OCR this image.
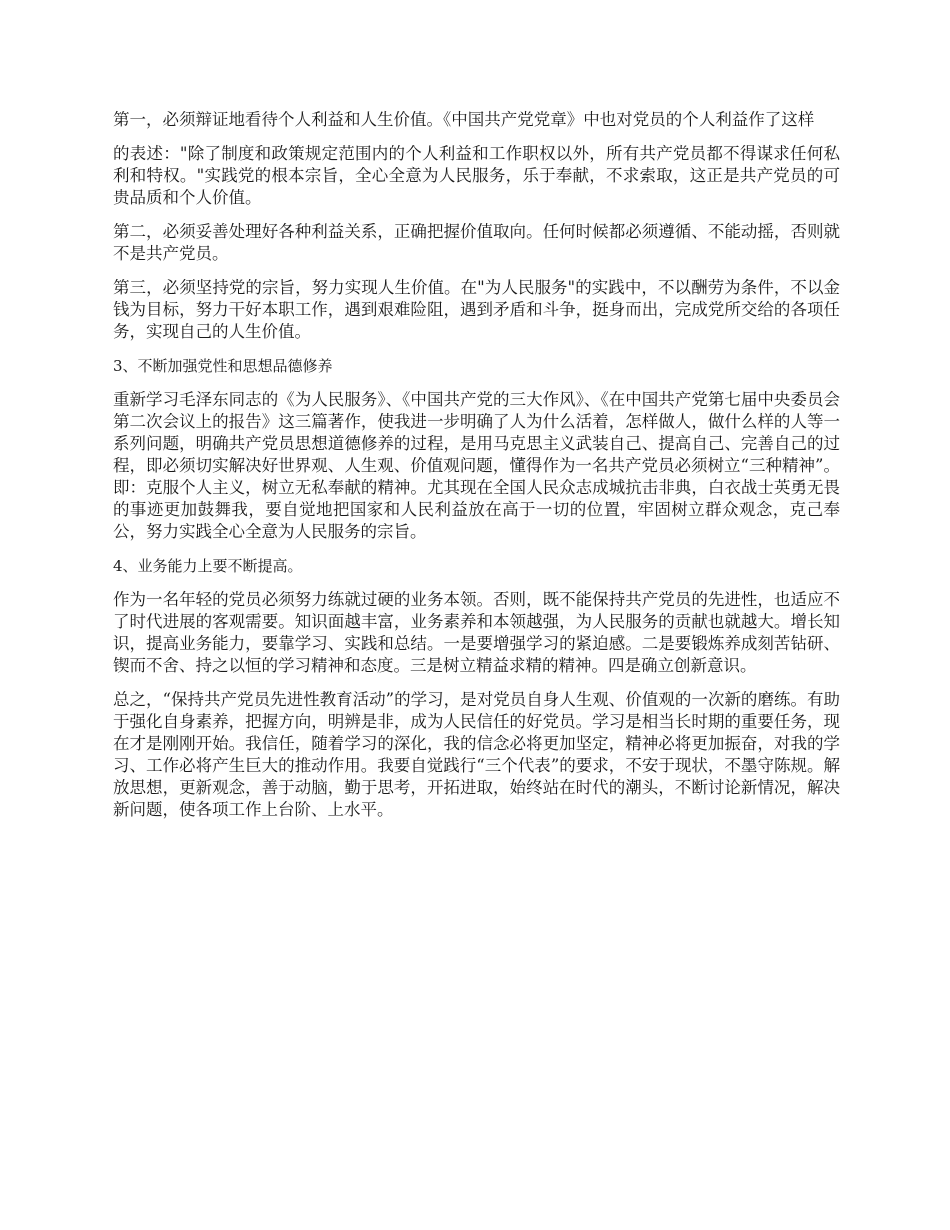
第一，必须辩证地看待个人利益和人生价值。《中国共产党党章》中也对党员的个人利益作了这样

的表述："除了制度和政策规定范围内的个人利益和工作职权以外，所有共产党员都不得谋求任何私利和特权。"实践党的根本宗旨，全心全意为人民服务，乐于奉献，不求索取，这正是共产党员的可贵品质和个人价值。

第二，必须妥善处理好各种利益关系，正确把握价值取向。任何时候都必须遵循、不能动摇，否则就不是共产党员。

第三，必须坚持党的宗旨，努力实现人生价值。在"为人民服务"的实践中，不以酬劳为条件，不以金钱为目标，努力干好本职工作，遇到艰难险阻，遇到矛盾和斗争，挺身而出，完成党所交给的各项任务，实现自己的人生价值。

3、不断加强党性和思想品德修养

重新学习毛泽东同志的《为人民服务》、《中国共产党的三大作风》、《在中国共产党第七届中央委员会第二次会议上的报告》这三篇著作，使我进一步明确了人为什么活着，怎样做人，做什么样的人等一系列问题，明确共产党员思想道德修养的过程，是用马克思主义武装自己、提高自己、完善自己的过程，即必须切实解决好世界观、人生观、价值观问题，懂得作为一名共产党员必须树立“三种精神”。即：克服个人主义，树立无私奉献的精神。尤其现在全国人民众志成城抗击非典，白衣战士英勇无畏的事迹更加鼓舞我，要自觉地把国家和人民利益放在高于一切的位置，牢固树立群众观念，克己奉公，努力实践全心全意为人民服务的宗旨。

4、业务能力上要不断提高。

作为一名年轻的党员必须努力练就过硬的业务本领。否则，既不能保持共产党员的先进性，也适应不了时代进展的客观需要。知识面越丰富，业务素养和本领越强，为人民服务的贡献也就越大。增长知识，提高业务能力，要靠学习、实践和总结。一是要增强学习的紧迫感。二是要锻炼养成刻苦钻研、锲而不舍、持之以恒的学习精神和态度。三是树立精益求精的精神。四是确立创新意识。

总之，“保持共产党员先进性教育活动”的学习，是对党员自身人生观、价值观的一次新的磨练。有助于强化自身素养，把握方向，明辨是非，成为人民信任的好党员。学习是相当长时期的重要任务，现在才是刚刚开始。我信任，随着学习的深化，我的信念必将更加坚定，精神必将更加振奋，对我的学习、工作必将产生巨大的推动作用。我要自觉践行“三个代表”的要求，不安于现状，不墨守陈规。解放思想，更新观念，善于动脑，勤于思考，开拓进取，始终站在时代的潮头，不断讨论新情况，解决新问题，使各项工作上台阶、上水平。
